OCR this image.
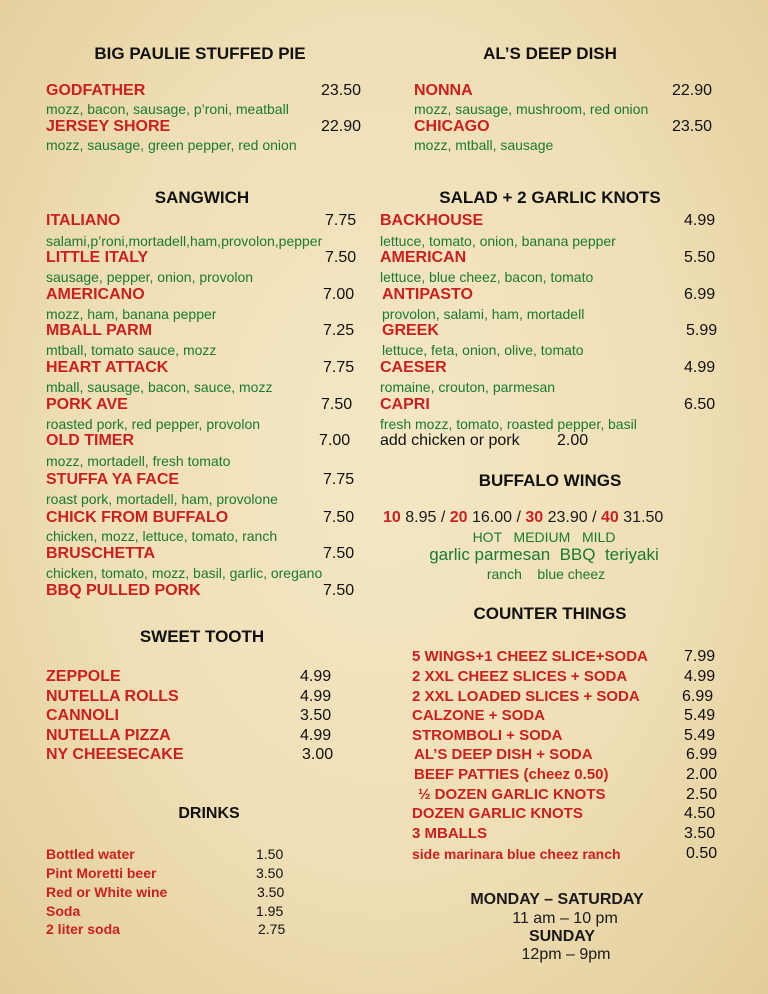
BIG PAULIE STUFFED PIE
GODFATHER	23.50
mozz, bacon, sausage, p’roni, meatball
JERSEY SHORE	22.90
mozz, sausage, green pepper, red onion
AL’S DEEP DISH
NONNA	22.90
mozz, sausage, mushroom, red onion
CHICAGO	23.50
mozz, mtball, sausage
SANGWICH
ITALIANO	7.75
salami,p’roni,mortadell,ham,provolon,pepper
LITTLE ITALY	7.50
sausage, pepper, onion, provolon
AMERICANO	7.00
mozz, ham, banana pepper
MBALL PARM	7.25
mtball, tomato sauce, mozz
HEART ATTACK	7.75
mball, sausage, bacon, sauce, mozz
PORK AVE	7.50
roasted pork, red pepper, provolon
OLD TIMER	7.00
mozz, mortadell, fresh tomato
STUFFA YA FACE	7.75
roast pork, mortadell, ham, provolone
CHICK FROM BUFFALO	7.50
chicken, mozz, lettuce, tomato, ranch
BRUSCHETTA	7.50
chicken, tomato, mozz, basil, garlic, oregano
BBQ PULLED PORK	7.50
SALAD + 2 GARLIC KNOTS
BACKHOUSE	4.99
lettuce, tomato, onion, banana pepper
AMERICAN	5.50
lettuce, blue cheez, bacon, tomato
ANTIPASTO	6.99
provolon, salami, ham, mortadell
GREEK	5.99
lettuce, feta, onion, olive, tomato
CAESER	4.99
romaine, crouton, parmesan
CAPRI	6.50
fresh mozz, tomato, roasted pepper, basil
add chicken or pork 2.00
BUFFALO WINGS
10 8.95 / 20 16.00 / 30 23.90 / 40 31.50
HOT   MEDIUM   MILD
garlic parmesan  BBQ  teriyaki
ranch    blue cheez
SWEET TOOTH
ZEPPOLE	4.99
NUTELLA ROLLS	4.99
CANNOLI	3.50
NUTELLA PIZZA	4.99
NY CHEESECAKE	3.00
DRINKS
Bottled water	1.50
Pint Moretti beer	3.50
Red or White wine	3.50
Soda	1.95
2 liter soda	2.75
COUNTER THINGS
5 WINGS+1 CHEEZ SLICE+SODA 7.99
2 XXL CHEEZ SLICES + SODA	4.99
2 XXL LOADED SLICES + SODA	6.99
CALZONE + SODA	5.49
STROMBOLI + SODA	5.49
AL’S DEEP DISH + SODA	6.99
BEEF PATTIES (cheez 0.50)	2.00
½ DOZEN GARLIC KNOTS	2.50
DOZEN GARLIC KNOTS	4.50
3 MBALLS	3.50
side marinara blue cheez ranch	0.50
MONDAY – SATURDAY
11 am – 10 pm
SUNDAY
12pm – 9pm
